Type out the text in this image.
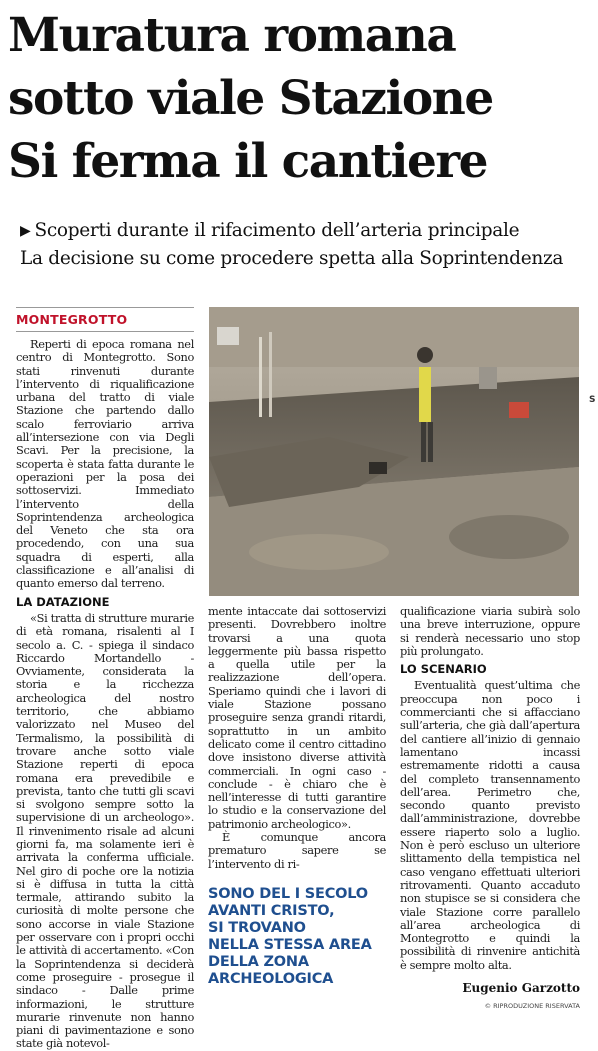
Muratura romana
sotto viale Stazione
Si ferma il cantiere
▶ Scoperti durante il rifacimento dell’arteria principale
La decisione su come procedere spetta alla Soprintendenza
MONTEGROTTO

Reperti di epoca romana nel centro di Montegrotto. Sono stati rinvenuti durante l’intervento di riqualificazione urbana del tratto di viale Stazione che partendo dallo scalo ferroviario arriva all’intersezione con via Degli Scavi. Per la precisione, la scoperta è stata fatta durante le operazioni per la posa dei sottoservizi. Immediato l’intervento della Soprintendenza archeologica del Veneto che sta ora procedendo, con una sua squadra di esperti, alla classificazione e all’analisi di quanto emerso dal terreno.

LA DATAZIONE

«Si tratta di strutture murarie di età romana, risalenti al I secolo a. C. - spiega il sindaco Riccardo Mortandello - Ovviamente, considerata la storia e la ricchezza archeologica del nostro territorio, che abbiamo valorizzato nel Museo del Termalismo, la possibilità di trovare anche sotto viale Stazione reperti di epoca romana era prevedibile e prevista, tanto che tutti gli scavi si svolgono sempre sotto la supervisione di un archeologo». Il rinvenimento risale ad alcuni giorni fa, ma solamente ieri è arrivata la conferma ufficiale. Nel giro di poche ore la notizia si è diffusa in tutta la città termale, attirando subito la curiosità di molte persone che sono accorse in viale Stazione per osservare con i propri occhi le attività di accertamento. «Con la Soprintendenza si deciderà come proseguire - prosegue il sindaco - Dalle prime informazioni, le strutture murarie rinvenute non hanno piani di pavimentazione e sono state già notevol-

mente intaccate dai sottoservizi presenti. Dovrebbero inoltre trovarsi a una quota leggermente più bassa rispetto a quella utile per la realizzazione dell’opera. Speriamo quindi che i lavori di viale Stazione possano proseguire senza grandi ritardi, soprattutto in un ambito delicato come il centro cittadino dove insistono diverse attività commerciali. In ogni caso - conclude - è chiaro che è nell’interesse di tutti garantire lo studio e la conservazione del patrimonio archeologico».

È comunque ancora prematuro sapere se l’intervento di ri-

SONO DEL I SECOLO
AVANTI CRISTO,
SI TROVANO
NELLA STESSA AREA
DELLA ZONA
ARCHEOLOGICA

qualificazione viaria subirà solo una breve interruzione, oppure si renderà necessario uno stop più prolungato.

LO SCENARIO

Eventualità quest’ultima che preoccupa non poco i commercianti che si affacciano sull’arteria, che già dall’apertura del cantiere all’inizio di gennaio lamentano incassi estremamente ridotti a causa del completo transennamento dell’area. Perimetro che, secondo quanto previsto dall’amministrazione, dovrebbe essere riaperto solo a luglio. Non è però escluso un ulteriore slittamento della tempistica nel caso vengano effettuati ulteriori ritrovamenti. Quanto accaduto non stupisce se si considera che viale Stazione corre parallelo all’area archeologica di Montegrotto e quindi la possibilità di rinvenire antichità è sempre molto alta.

Eugenio Garzotto
© RIPRODUZIONE RISERVATA
S
